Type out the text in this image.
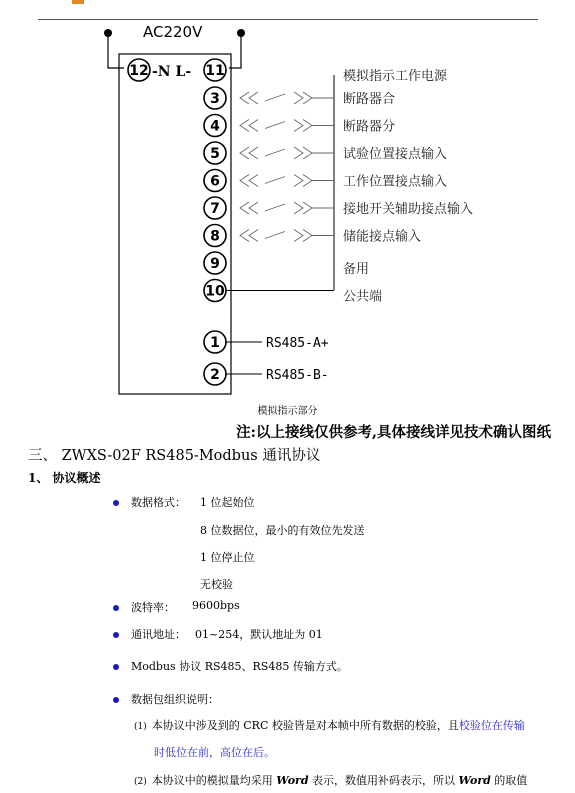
AC220V
12 -N L- 11	模拟指示工作电源
3	断路器合
4	断路器分
5	试验位置接点输入
6	工作位置接点输入
7	接地开关辅助接点输入
8	储能接点输入
9	备用
10	公共端
1	RS485-A+
2	RS485-B-
模拟指示部分
注:以上接线仅供参考,具体接线详见技术确认图纸
三、 ZWXS-02F RS485-Modbus 通讯协议
1、 协议概述
数据格式： 1 位起始位
8 位数据位，最小的有效位先发送
1 位停止位
无校验
波特率： 9600bps
通讯地址： 01~254，默认地址为 01
Modbus 协议 RS485、RS485 传输方式。
数据包组织说明：
(1) 本协议中涉及到的 CRC 校验皆是对本帧中所有数据的校验，且校验位在传输
时低位在前，高位在后。
(2) 本协议中的模拟量均采用 Word 表示，数值用补码表示，所以 Word 的取值
